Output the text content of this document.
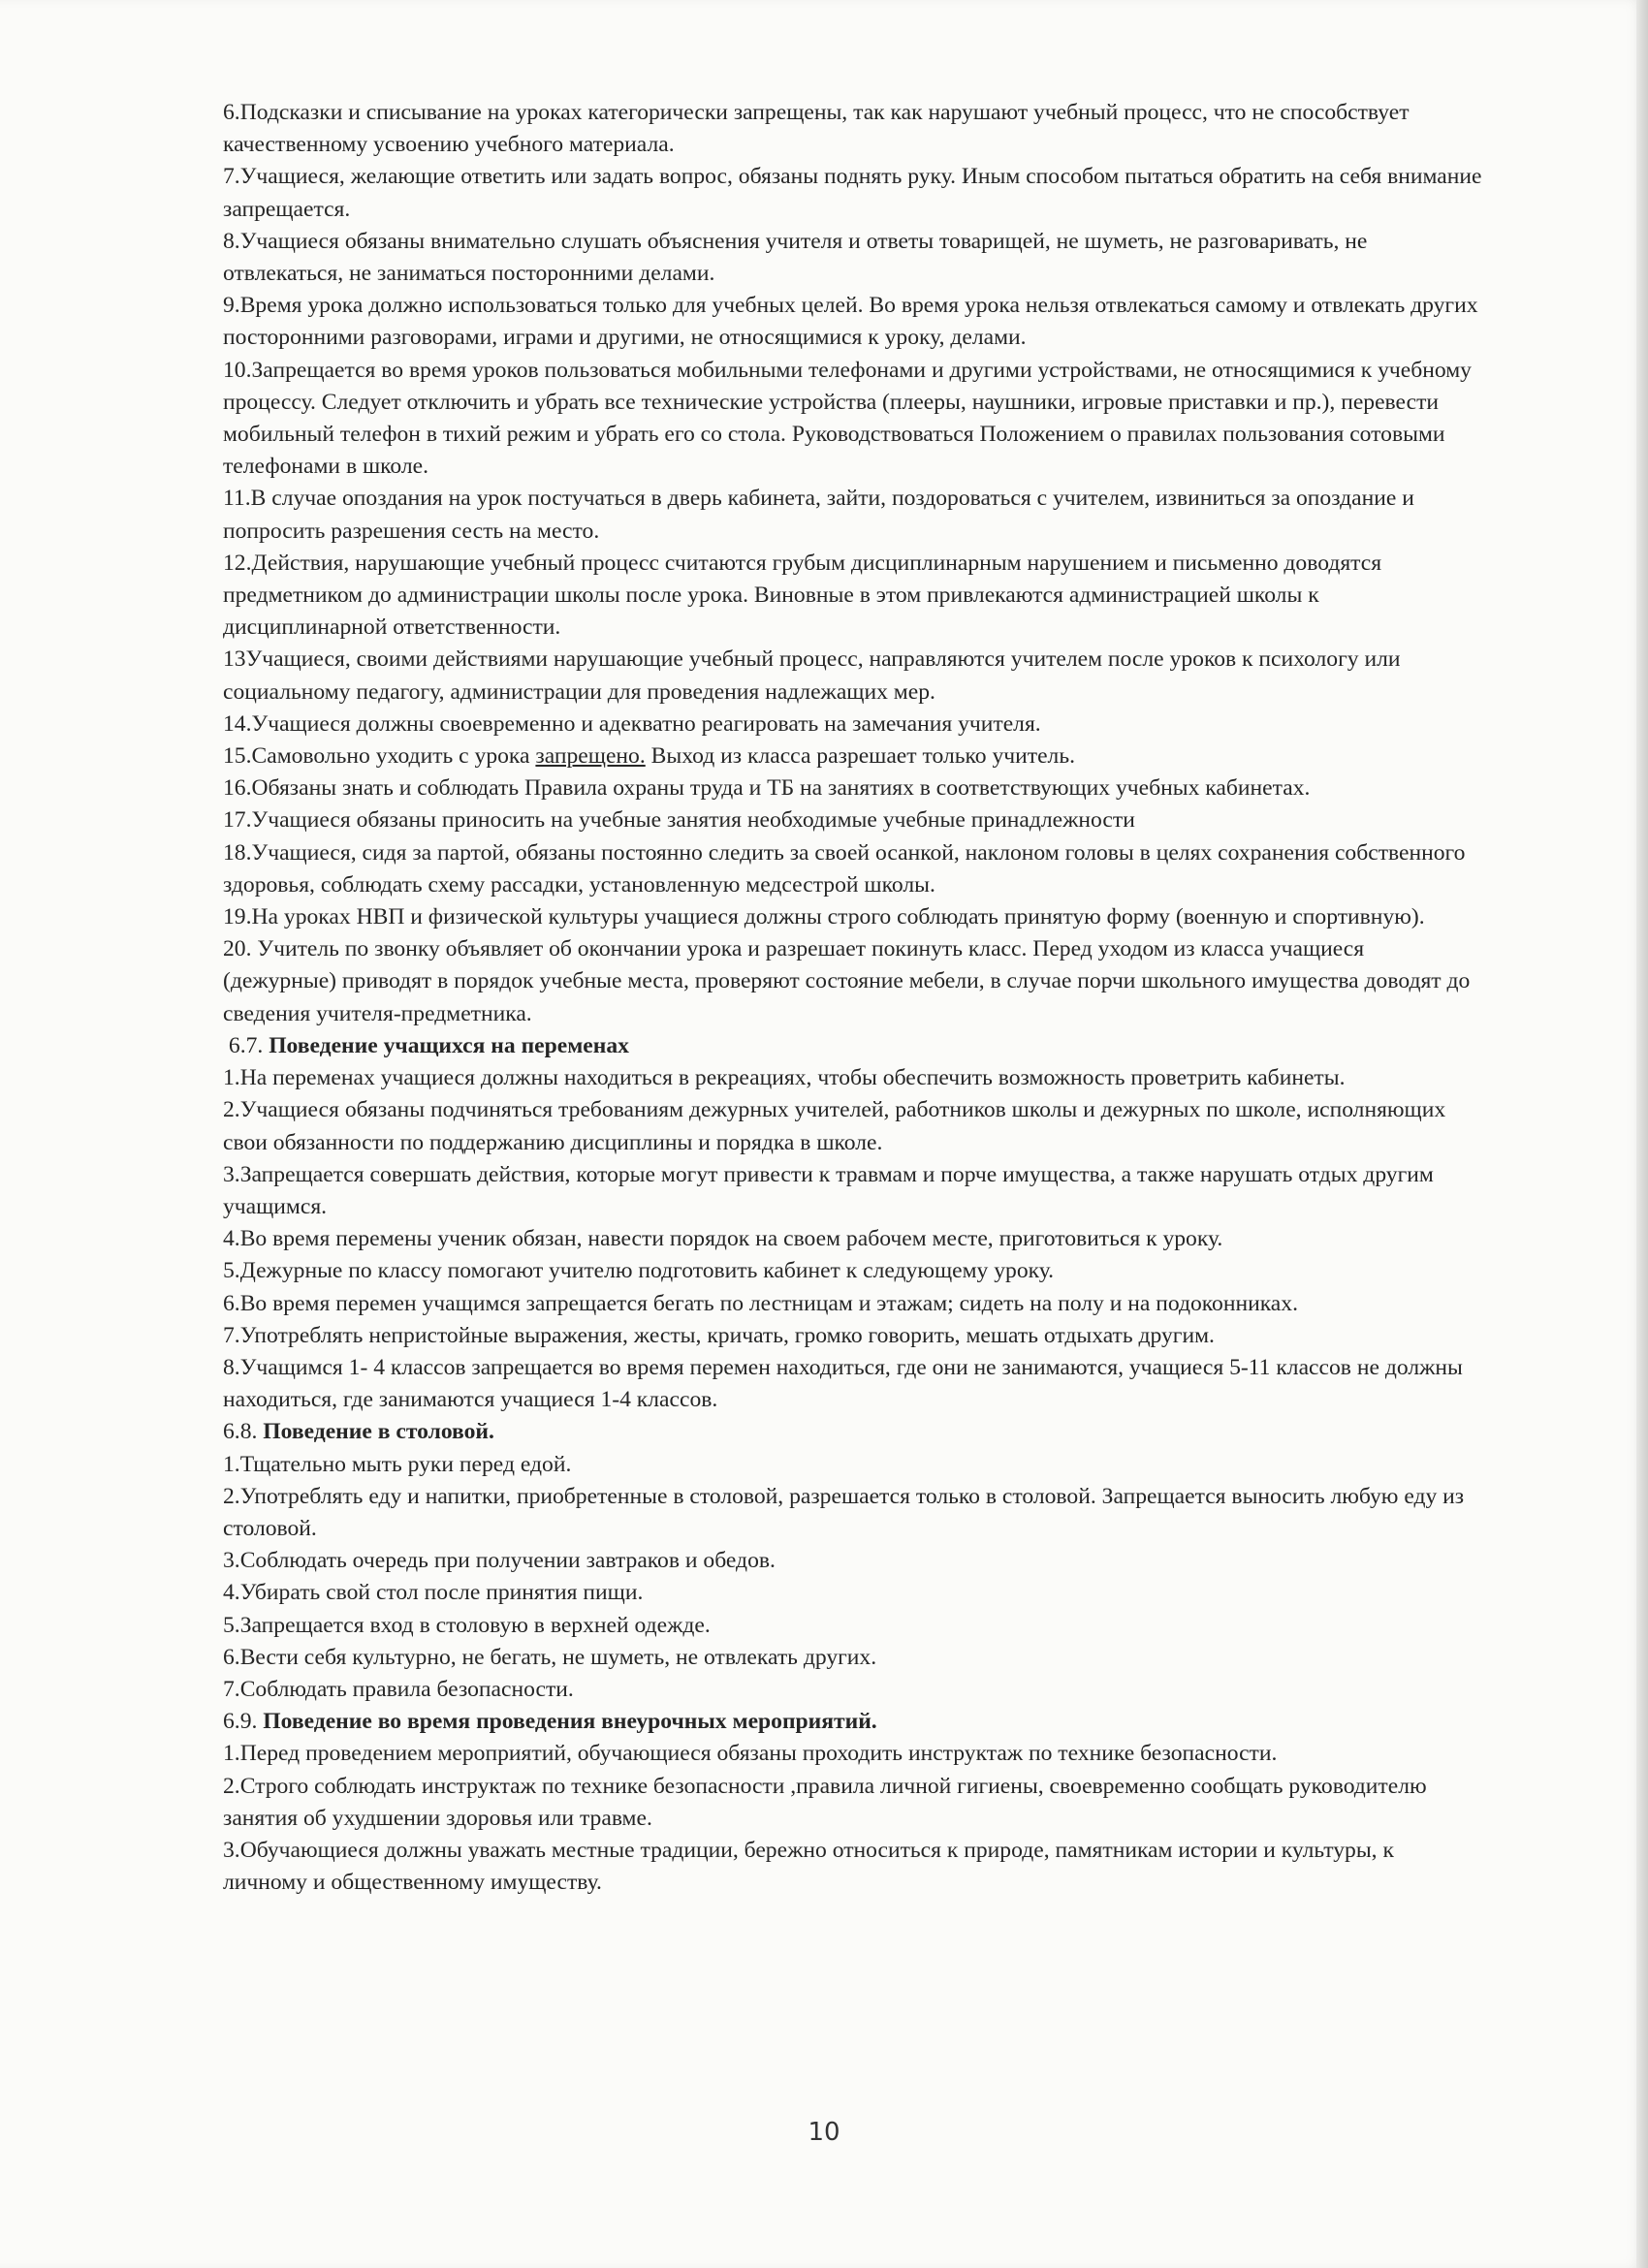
6.Подсказки и списывание на уроках категорически запрещены, так как нарушают учебный процесс, что не способствует качественному усвоению учебного материала.

7.Учащиеся, желающие ответить или задать вопрос, обязаны поднять руку. Иным способом пытаться обратить на себя внимание запрещается.

8.Учащиеся обязаны внимательно слушать объяснения учителя и ответы товарищей, не шуметь, не разговаривать, не отвлекаться, не заниматься посторонними делами.

9.Время урока должно использоваться только для учебных целей. Во время урока нельзя отвлекаться самому и отвлекать других посторонними разговорами, играми и другими, не относящимися к уроку, делами.

10.Запрещается во время уроков пользоваться мобильными телефонами и другими устройствами, не относящимися к учебному процессу. Следует отключить и убрать все технические устройства (плееры, наушники, игровые приставки и пр.), перевести мобильный телефон в тихий режим и убрать его со стола. Руководствоваться Положением о правилах пользования сотовыми телефонами в школе.

11.В случае опоздания на урок постучаться в дверь кабинета, зайти, поздороваться с учителем, извиниться за опоздание и попросить разрешения сесть на место.

12.Действия, нарушающие учебный процесс считаются грубым дисциплинарным нарушением и письменно доводятся предметником до администрации школы после урока. Виновные в этом привлекаются администрацией школы к дисциплинарной ответственности.

13Учащиеся, своими действиями нарушающие учебный процесс, направляются учителем после уроков к психологу или социальному педагогу, администрации для проведения надлежащих мер.

14.Учащиеся должны своевременно и адекватно реагировать на замечания учителя.

15.Самовольно уходить с урока запрещено. Выход из класса разрешает только учитель.

16.Обязаны знать и соблюдать Правила охраны труда и ТБ на занятиях в соответствующих учебных кабинетах.

17.Учащиеся обязаны приносить на учебные занятия необходимые учебные принадлежности

18.Учащиеся, сидя за партой, обязаны постоянно следить за своей осанкой, наклоном головы в целях сохранения собственного здоровья, соблюдать схему рассадки, установленную медсестрой школы.

19.На уроках НВП и физической культуры учащиеся должны строго соблюдать принятую форму (военную и спортивную).

20. Учитель по звонку объявляет об окончании урока и разрешает покинуть класс. Перед уходом из класса учащиеся (дежурные) приводят в порядок учебные места, проверяют состояние мебели, в случае порчи школьного имущества доводят до сведения учителя-предметника.

6.7. Поведение учащихся на переменах

1.На переменах учащиеся должны находиться в рекреациях, чтобы обеспечить возможность проветрить кабинеты.

2.Учащиеся обязаны подчиняться требованиям дежурных учителей, работников школы и дежурных по школе, исполняющих свои обязанности по поддержанию дисциплины и порядка в школе.

3.Запрещается совершать действия, которые могут привести к травмам и порче имущества, а также нарушать отдых другим учащимся.

4.Во время перемены ученик обязан, навести порядок на своем рабочем месте, приготовиться к уроку.

5.Дежурные по классу помогают учителю подготовить кабинет к следующему уроку.

6.Во время перемен учащимся запрещается бегать по лестницам и этажам; сидеть на полу и на подоконниках.

7.Употреблять непристойные выражения, жесты, кричать, громко говорить, мешать отдыхать другим.

8.Учащимся 1- 4 классов запрещается во время перемен находиться, где они не занимаются, учащиеся 5-11 классов не должны находиться, где занимаются учащиеся 1-4 классов.

6.8. Поведение в столовой.

1.Тщательно мыть руки перед едой.

2.Употреблять еду и напитки, приобретенные в столовой, разрешается только в столовой. Запрещается выносить любую еду из столовой.

3.Соблюдать очередь при получении завтраков и обедов.

4.Убирать свой стол после принятия пищи.

5.Запрещается вход в столовую в верхней одежде.

6.Вести себя культурно, не бегать, не шуметь, не отвлекать других.

7.Соблюдать правила безопасности.

6.9. Поведение во время проведения внеурочных мероприятий.

1.Перед проведением мероприятий, обучающиеся обязаны проходить инструктаж по технике безопасности.

2.Строго соблюдать инструктаж по технике безопасности ,правила личной гигиены, своевременно сообщать руководителю занятия об ухудшении здоровья или травме.

3.Обучающиеся должны уважать местные традиции, бережно относиться к природе, памятникам истории и культуры, к личному и общественному имуществу.

10
